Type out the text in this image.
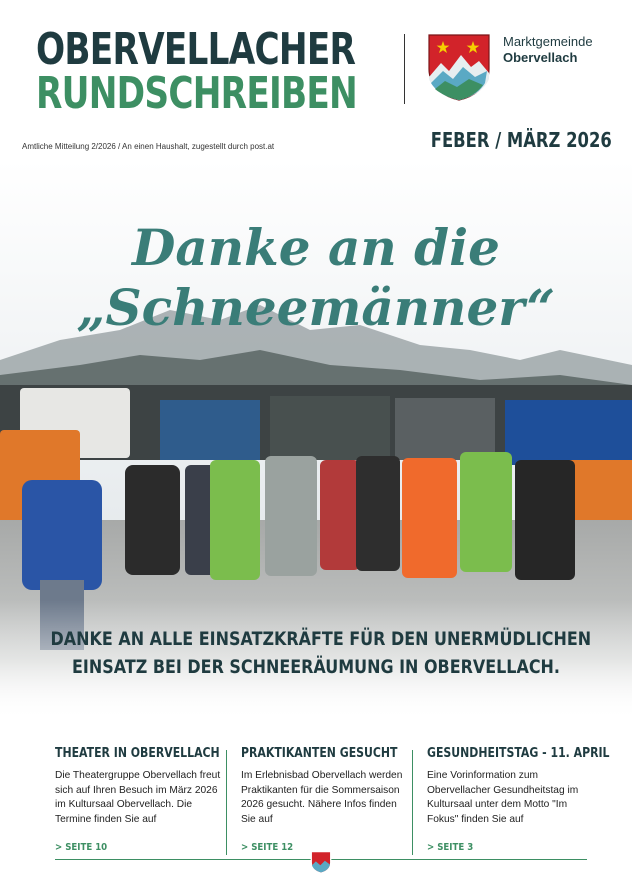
OBERVELLACHER
RUNDSCHREIBEN
Marktgemeinde
Obervellach
Amtliche Mitteilung 2/2026 / An einen Haushalt, zugestellt durch post.at	FEBER / MÄRZ 2026
Danke an die
„Schneemänner“
DANKE AN ALLE EINSATZKRÄFTE FÜR DEN UNERMÜDLICHEN
EINSATZ BEI DER SCHNEERÄUMUNG IN OBERVELLACH.
THEATER IN OBERVELLACH

Die Theatergruppe Obervellach freut sich auf Ihren Besuch im März 2026 im Kultursaal Obervellach. Die Termine finden Sie auf

> SEITE 10
PRAKTIKANTEN GESUCHT

Im Erlebnisbad Obervellach werden Praktikanten für die Sommersaison 2026 gesucht. Nähere Infos finden Sie auf

> SEITE 12
GESUNDHEITSTAG - 11. APRIL

Eine Vorinformation zum Obervellacher Gesundheitstag im Kultursaal unter dem Motto "Im Fokus" finden Sie auf

> SEITE 3
